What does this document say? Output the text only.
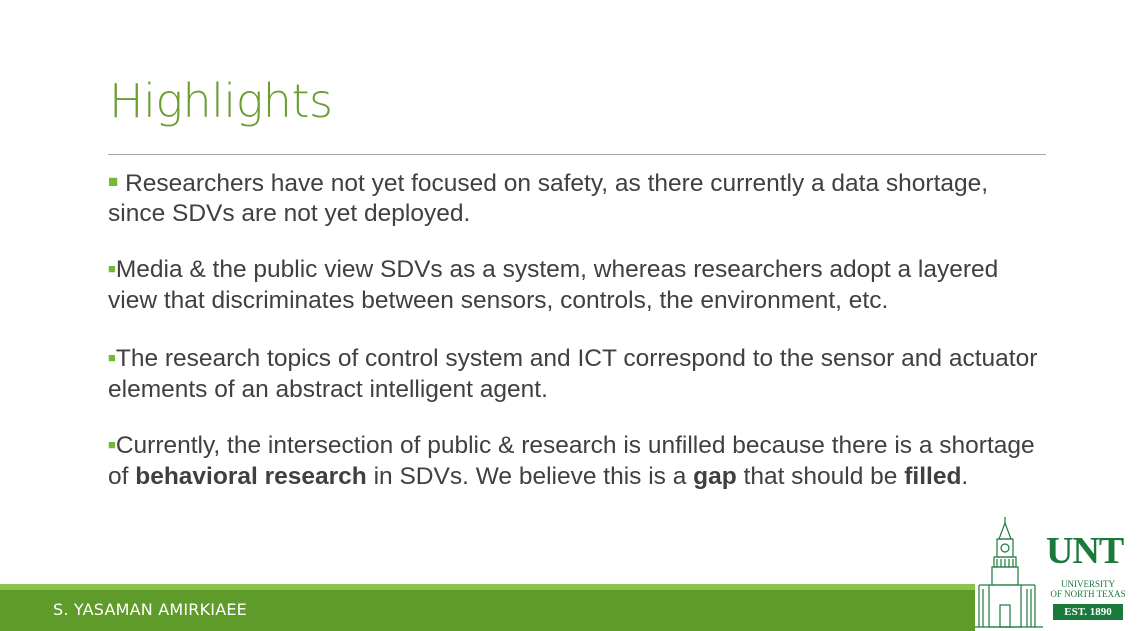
Highlights
■ Researchers have not yet focused on safety, as there currently a data shortage, since SDVs are not yet deployed.
■Media & the public view SDVs as a system, whereas researchers adopt a layered view that discriminates between sensors, controls, the environment, etc.
■The research topics of control system and ICT correspond to the sensor and actuator elements of an abstract intelligent agent.
■Currently, the intersection of public & research is unfilled because there is a shortage of behavioral research in SDVs. We believe this is a gap that should be filled.
S. YASAMAN AMIRKIAEE
UNT
UNIVERSITY
OF NORTH TEXAS
EST. 1890
